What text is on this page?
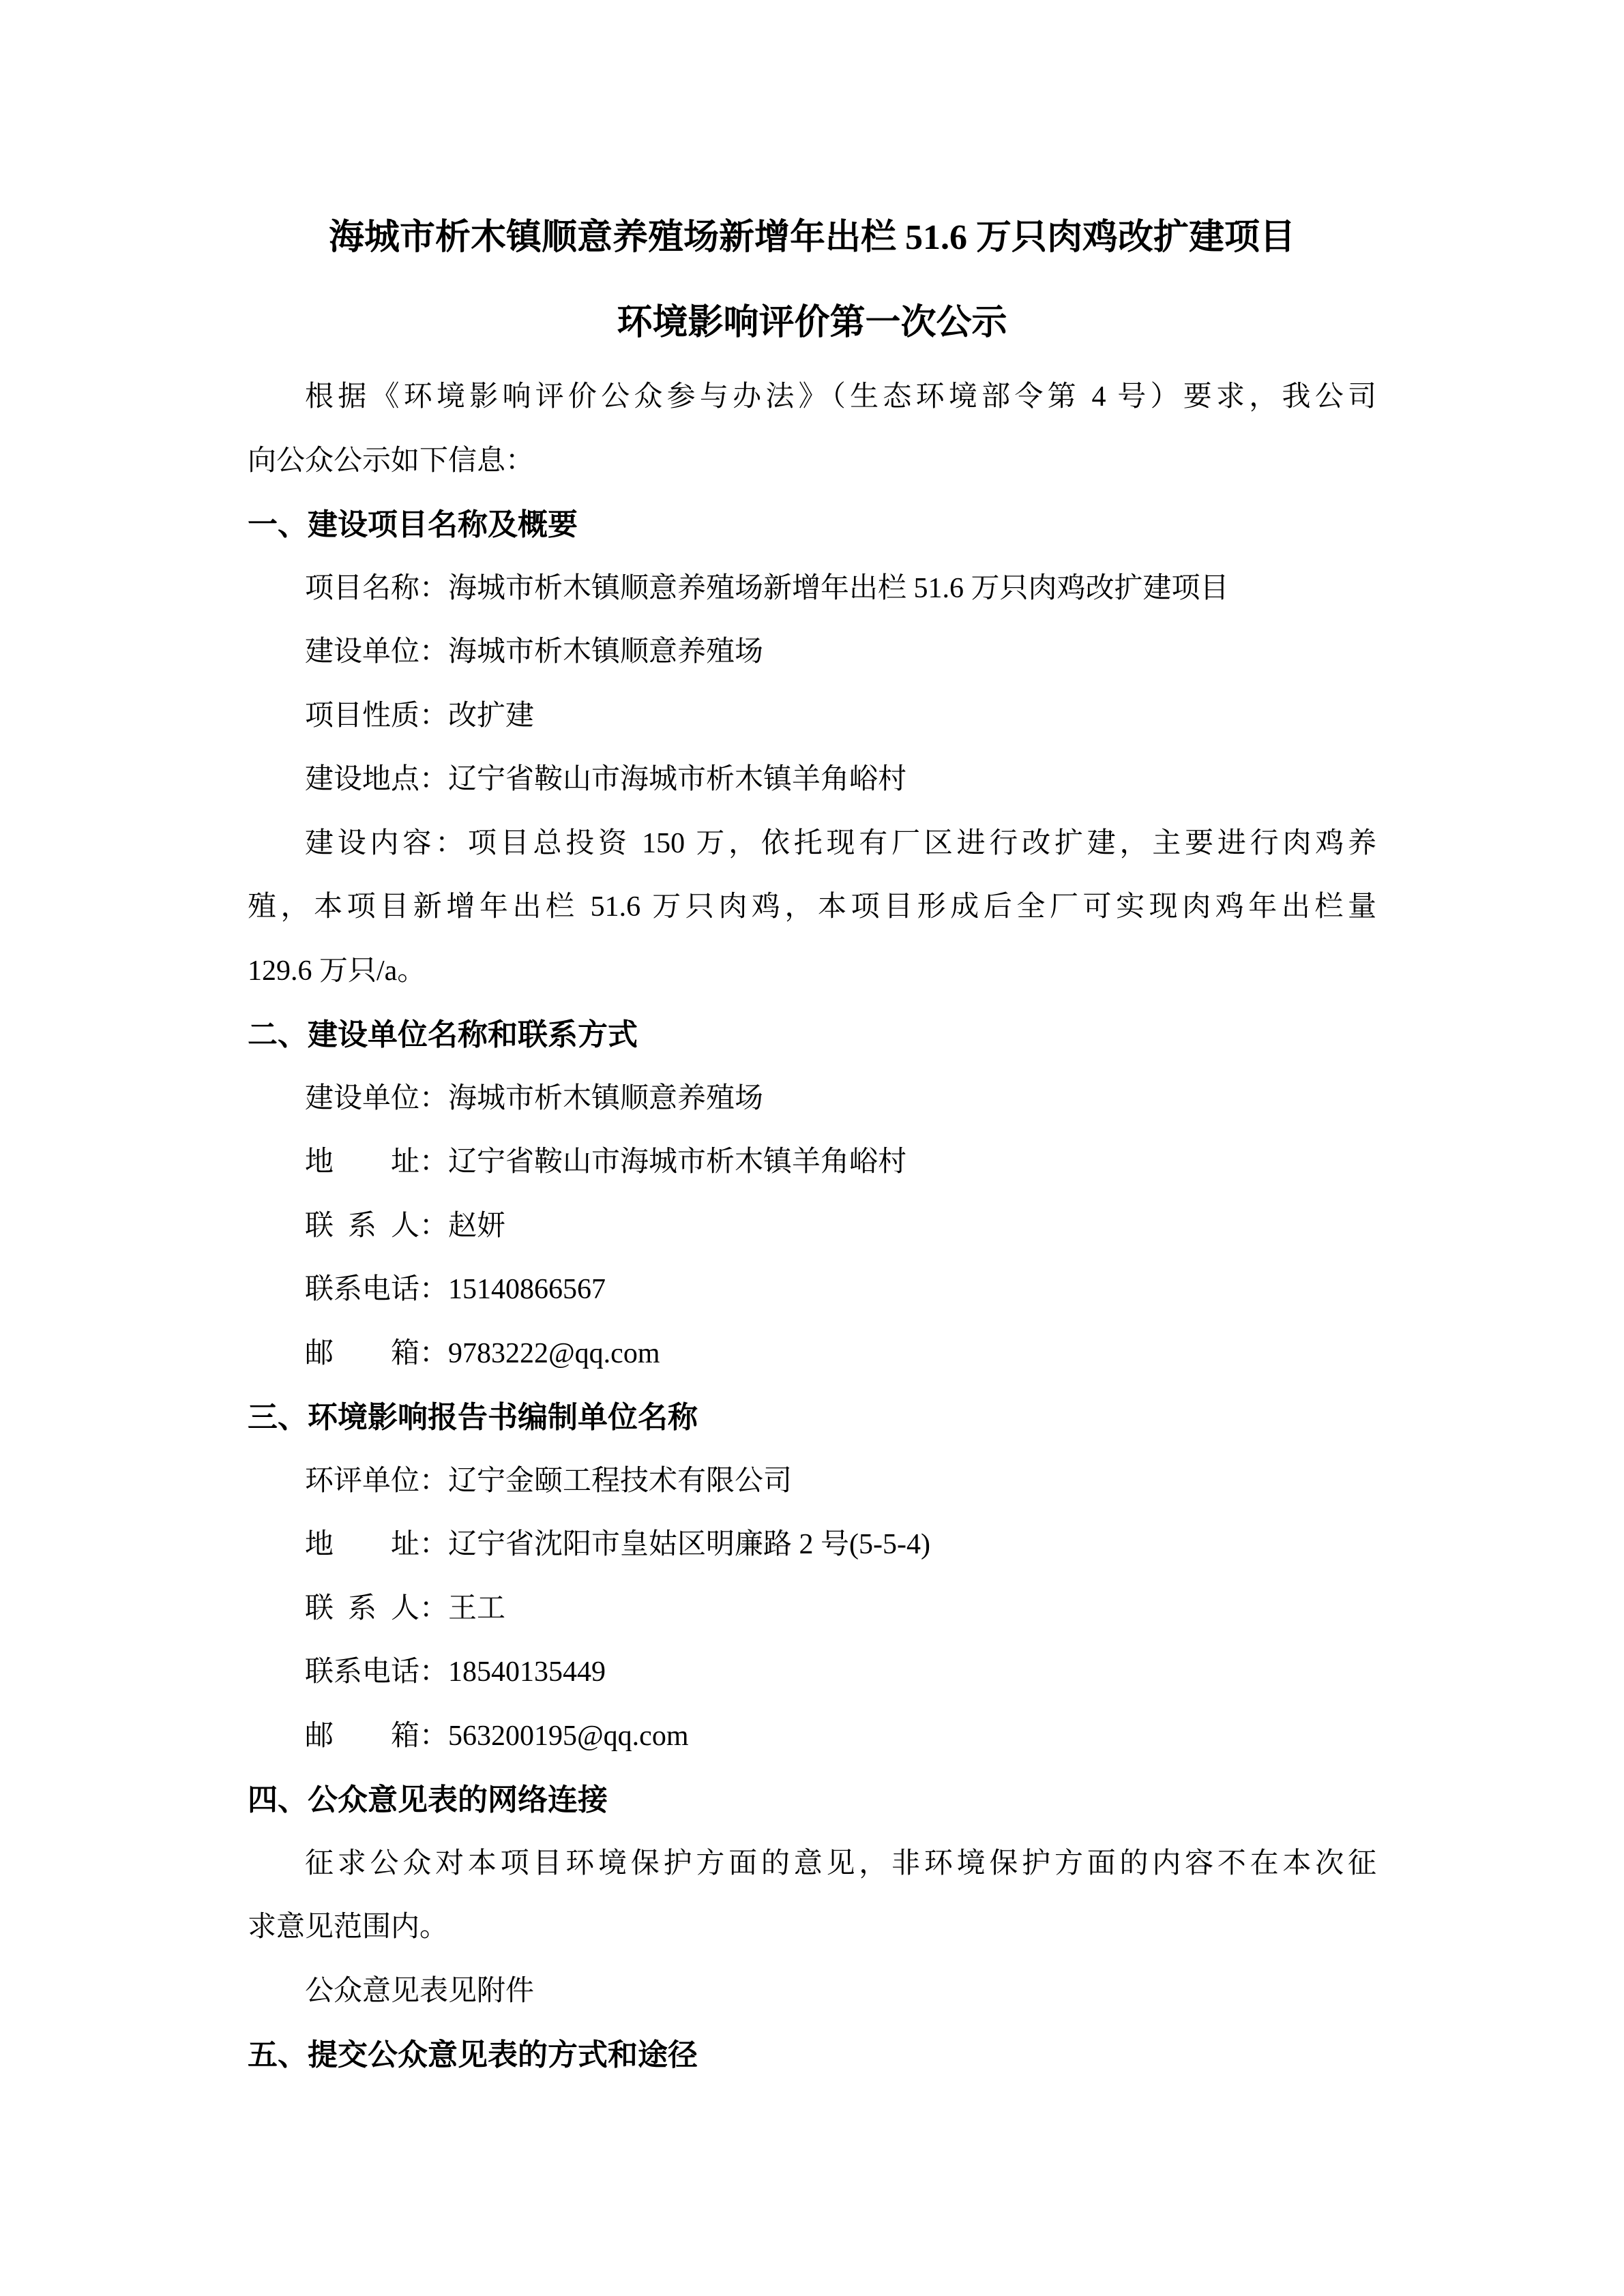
海城市析木镇顺意养殖场新增年出栏 51.6 万只肉鸡改扩建项目
环境影响评价第一次公示
根据《环境影响评价公众参与办法》（生态环境部令第 4 号）要求，我公司
向公众公示如下信息：
一、建设项目名称及概要
项目名称：海城市析木镇顺意养殖场新增年出栏 51.6 万只肉鸡改扩建项目
建设单位：海城市析木镇顺意养殖场
项目性质：改扩建
建设地点：辽宁省鞍山市海城市析木镇羊角峪村
建设内容：项目总投资 150 万，依托现有厂区进行改扩建，主要进行肉鸡养
殖，本项目新增年出栏 51.6 万只肉鸡，本项目形成后全厂可实现肉鸡年出栏量
129.6 万只/a。
二、建设单位名称和联系方式
建设单位：海城市析木镇顺意养殖场
地　　址：辽宁省鞍山市海城市析木镇羊角峪村
联  系  人：赵妍
联系电话：15140866567
邮　　箱：9783222@qq.com
三、环境影响报告书编制单位名称
环评单位：辽宁金颐工程技术有限公司
地　　址：辽宁省沈阳市皇姑区明廉路 2 号(5-5-4)
联  系  人：王工
联系电话：18540135449
邮　　箱：563200195@qq.com
四、公众意见表的网络连接
征求公众对本项目环境保护方面的意见，非环境保护方面的内容不在本次征
求意见范围内。
公众意见表见附件
五、提交公众意见表的方式和途径
